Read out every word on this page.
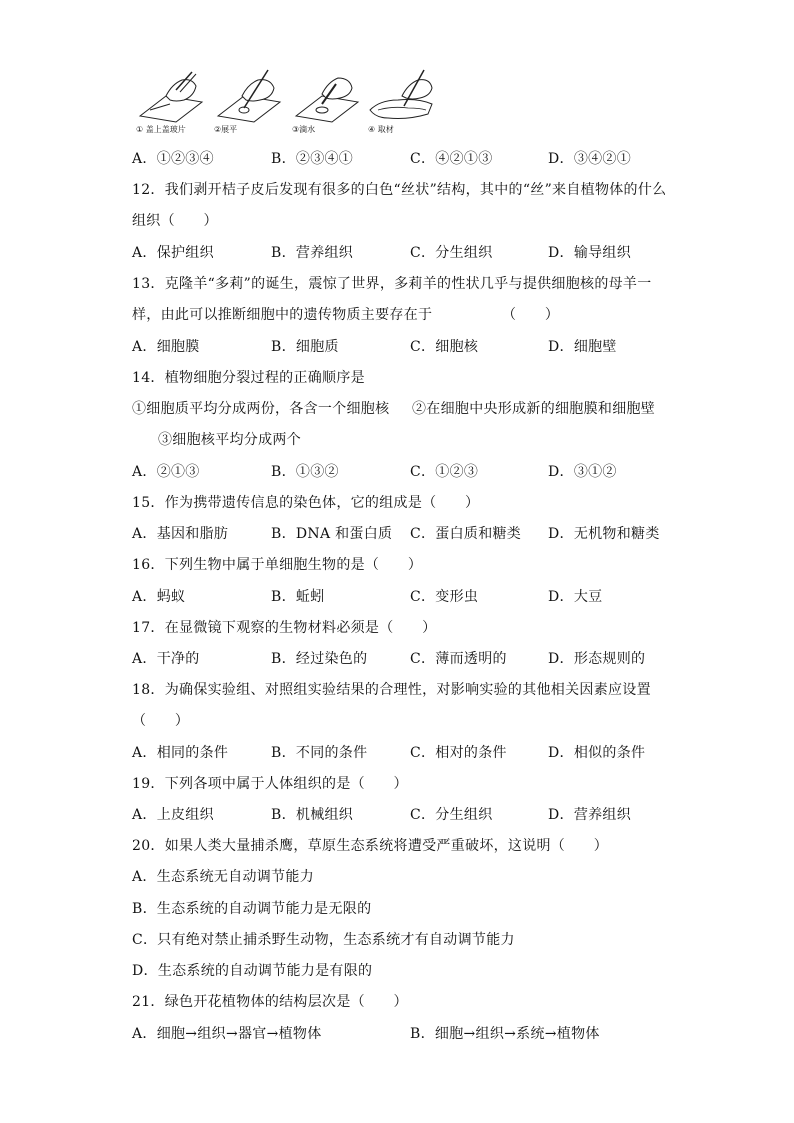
① 盖上盖玻片	②展平	③滴水	④ 取材
A．①②③④	B．②③④①	C．④②①③	D．③④②①
12．我们剥开桔子皮后发现有很多的白色“丝状”结构，其中的“丝”来自植物体的什么
组织（　　）
A．保护组织	B．营养组织	C．分生组织	D．输导组织
13．克隆羊“多莉”的诞生，震惊了世界，多莉羊的性状几乎与提供细胞核的母羊一
样，由此可以推断细胞中的遗传物质主要存在于	（　　）
A．细胞膜	B．细胞质	C．细胞核	D．细胞壁
14．植物细胞分裂过程的正确顺序是
①细胞质平均分成两份，各含一个细胞核 ②在细胞中央形成新的细胞膜和细胞壁
③细胞核平均分成两个
A．②①③	B．①③②	C．①②③	D．③①②
15．作为携带遗传信息的染色体，它的组成是（　　）
A．基因和脂肪	B．DNA 和蛋白质 C．蛋白质和糖类 D．无机物和糖类
16．下列生物中属于单细胞生物的是（　　）
A．蚂蚁	B．蚯蚓	C．变形虫	D．大豆
17．在显微镜下观察的生物材料必须是（　　）
A．干净的	B．经过染色的	C．薄而透明的	D．形态规则的
18．为确保实验组、对照组实验结果的合理性，对影响实验的其他相关因素应设置
（　　）
A．相同的条件	B．不同的条件	C．相对的条件	D．相似的条件
19．下列各项中属于人体组织的是（　　）
A．上皮组织	B．机械组织	C．分生组织	D．营养组织
20．如果人类大量捕杀鹰，草原生态系统将遭受严重破坏，这说明（　　）
A．生态系统无自动调节能力
B．生态系统的自动调节能力是无限的
C．只有绝对禁止捕杀野生动物，生态系统才有自动调节能力
D．生态系统的自动调节能力是有限的
21．绿色开花植物体的结构层次是（　　）
A．细胞→组织→器官→植物体	B．细胞→组织→系统→植物体
